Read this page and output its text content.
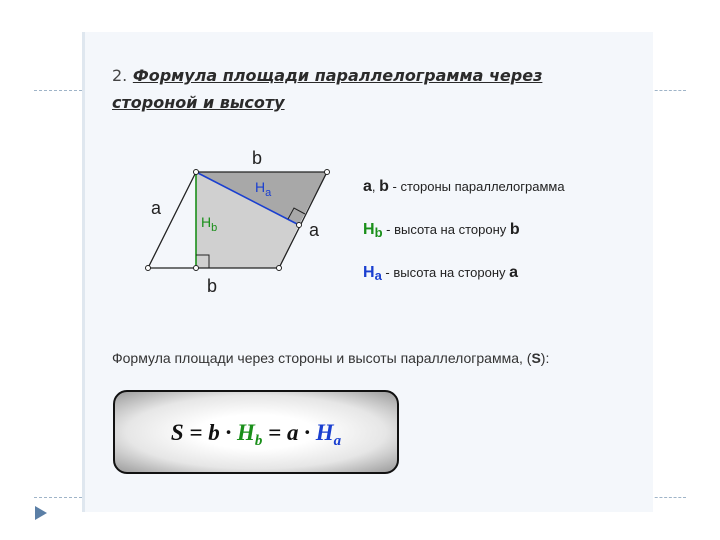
2. Формула площади параллелограмма через стороной и высоту
b
b
a
a
$H_b$
$H_a$	a, b - стороны параллелограмма
Hb - высота на сторону b
Ha - высота на сторону a
Формула площади через стороны и высоты параллелограмма, (S):
$S = b \cdot H_b = a \cdot H_a$
